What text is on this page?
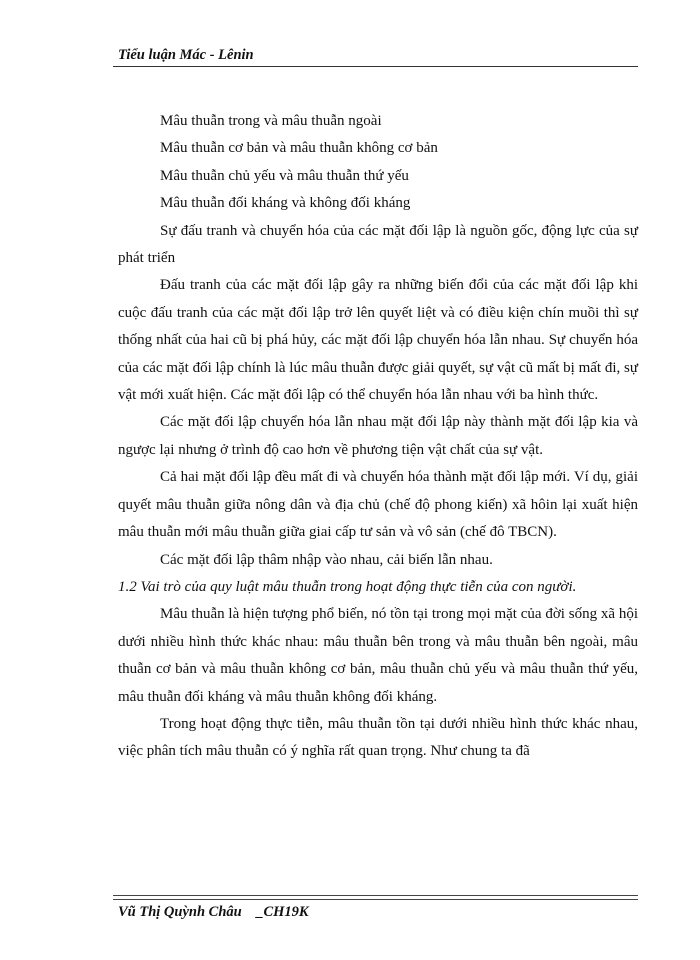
Tiểu luận Mác - Lênin

Mâu thuẫn trong và mâu thuẫn ngoài

Mâu thuẫn cơ bản và mâu thuẫn không cơ bản

Mâu thuẫn chủ yếu và mâu thuẫn thứ yếu

Mâu thuẫn đối kháng và không đối kháng

Sự đấu tranh và chuyển hóa của các mặt đối lập là nguồn gốc, động lực của sự phát triển

Đấu tranh của các mặt đối lập gây ra những biến đổi của các mặt đối lập khi cuộc đấu tranh của các mặt đối lập trở lên quyết liệt và có điều kiện chín muồi thì sự thống nhất của hai cũ bị phá hủy, các mặt đối lập chuyển hóa lẫn nhau. Sự chuyển hóa của các mặt đối lập chính là lúc mâu thuẫn được giải quyết, sự vật cũ mất bị mất đi, sự vật mới xuất hiện. Các mặt đối lập có thể chuyển hóa lẫn nhau với ba hình thức.

Các mặt đối lập chuyển hóa lẫn nhau mặt đối lập này thành mặt đối lập kia và ngược lại nhưng ở trình độ cao hơn về phương tiện vật chất của sự vật.

Cả hai mặt đối lập đều mất đi và chuyển hóa thành mặt đối lập mới. Ví dụ, giải quyết mâu thuẫn giữa nông dân và địa chủ (chế độ phong kiến) xã hôin lại xuất hiện mâu thuẫn mới mâu thuẫn giữa giai cấp tư sản và vô sản (chế đô TBCN).

Các mặt đối lập thâm nhập vào nhau, cải biến lẫn nhau.

1.2 Vai trò của quy luật mâu thuẫn trong hoạt động thực tiễn của con người.

Mâu thuẫn là hiện tượng phổ biến, nó tồn tại trong mọi mặt của đời sống xã hội dưới nhiều hình thức khác nhau: mâu thuẫn bên trong và mâu thuẫn bên ngoài, mâu thuẫn cơ bản và mâu thuẫn không cơ bản, mâu thuẫn chủ yếu và mâu thuẫn thứ yếu, mâu thuẫn đối kháng và mâu thuẫn không đối kháng.

Trong hoạt động thực tiễn, mâu thuẫn tồn tại dưới nhiều hình thức khác nhau, việc phân tích mâu thuẫn có ý nghĩa rất quan trọng. Như chung ta đã

Vũ Thị Quỳnh Châu    _CH19K
